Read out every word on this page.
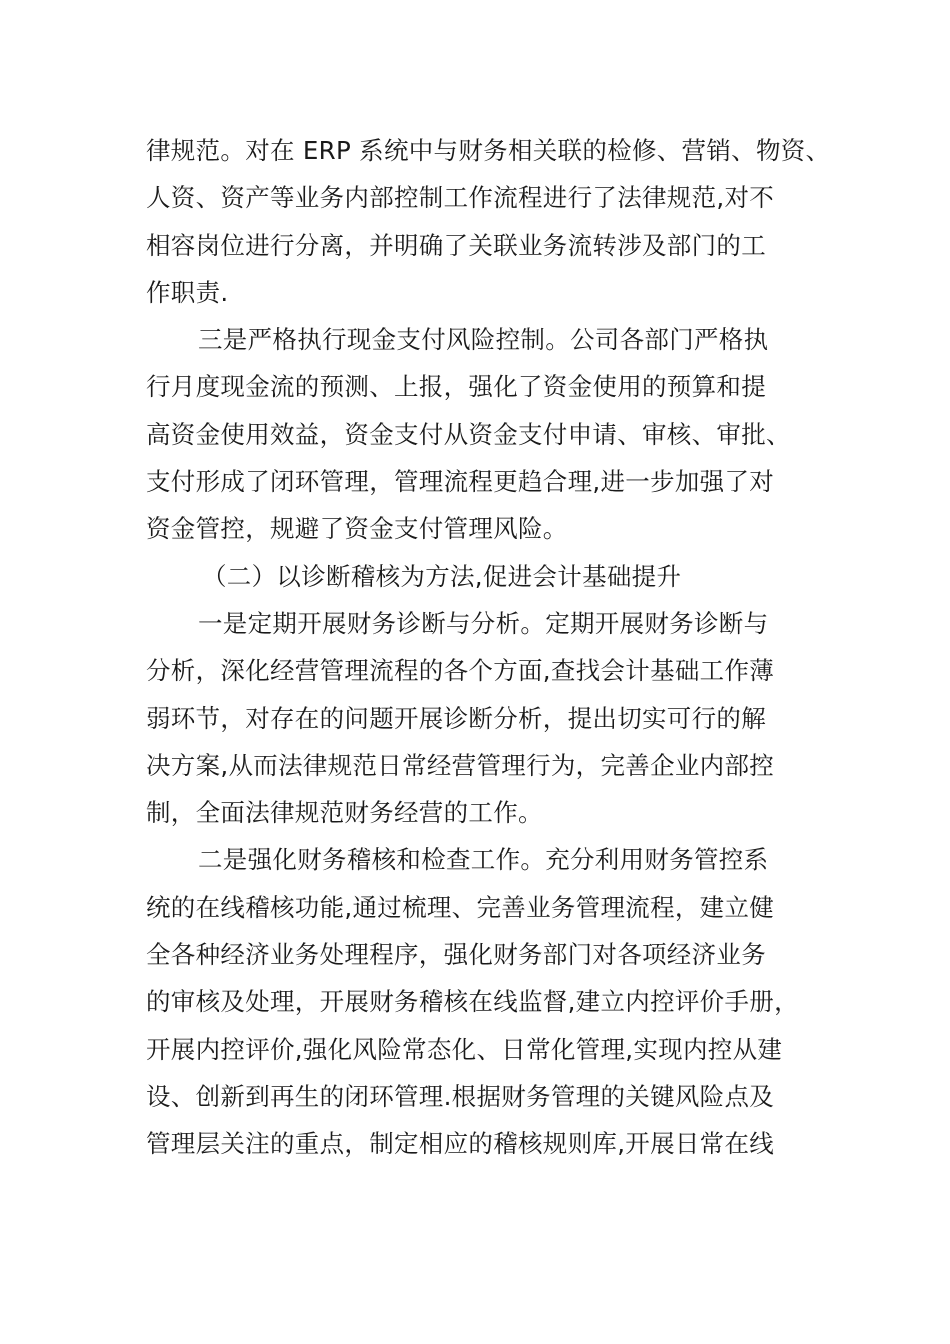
律规范。对在 ERP 系统中与财务相关联的检修、营销、物资、
人资、资产等业务内部控制工作流程进行了法律规范,对不
相容岗位进行分离，并明确了关联业务流转涉及部门的工
作职责.
三是严格执行现金支付风险控制。公司各部门严格执
行月度现金流的预测、上报，强化了资金使用的预算和提
高资金使用效益，资金支付从资金支付申请、审核、审批、
支付形成了闭环管理，管理流程更趋合理,进一步加强了对
资金管控，规避了资金支付管理风险。
（二）以诊断稽核为方法,促进会计基础提升
一是定期开展财务诊断与分析。定期开展财务诊断与
分析，深化经营管理流程的各个方面,查找会计基础工作薄
弱环节，对存在的问题开展诊断分析，提出切实可行的解
决方案,从而法律规范日常经营管理行为，完善企业内部控
制，全面法律规范财务经营的工作。
二是强化财务稽核和检查工作。充分利用财务管控系
统的在线稽核功能,通过梳理、完善业务管理流程，建立健
全各种经济业务处理程序，强化财务部门对各项经济业务
的审核及处理，开展财务稽核在线监督,建立内控评价手册，
开展内控评价,强化风险常态化、日常化管理,实现内控从建
设、创新到再生的闭环管理.根据财务管理的关键风险点及
管理层关注的重点，制定相应的稽核规则库,开展日常在线
